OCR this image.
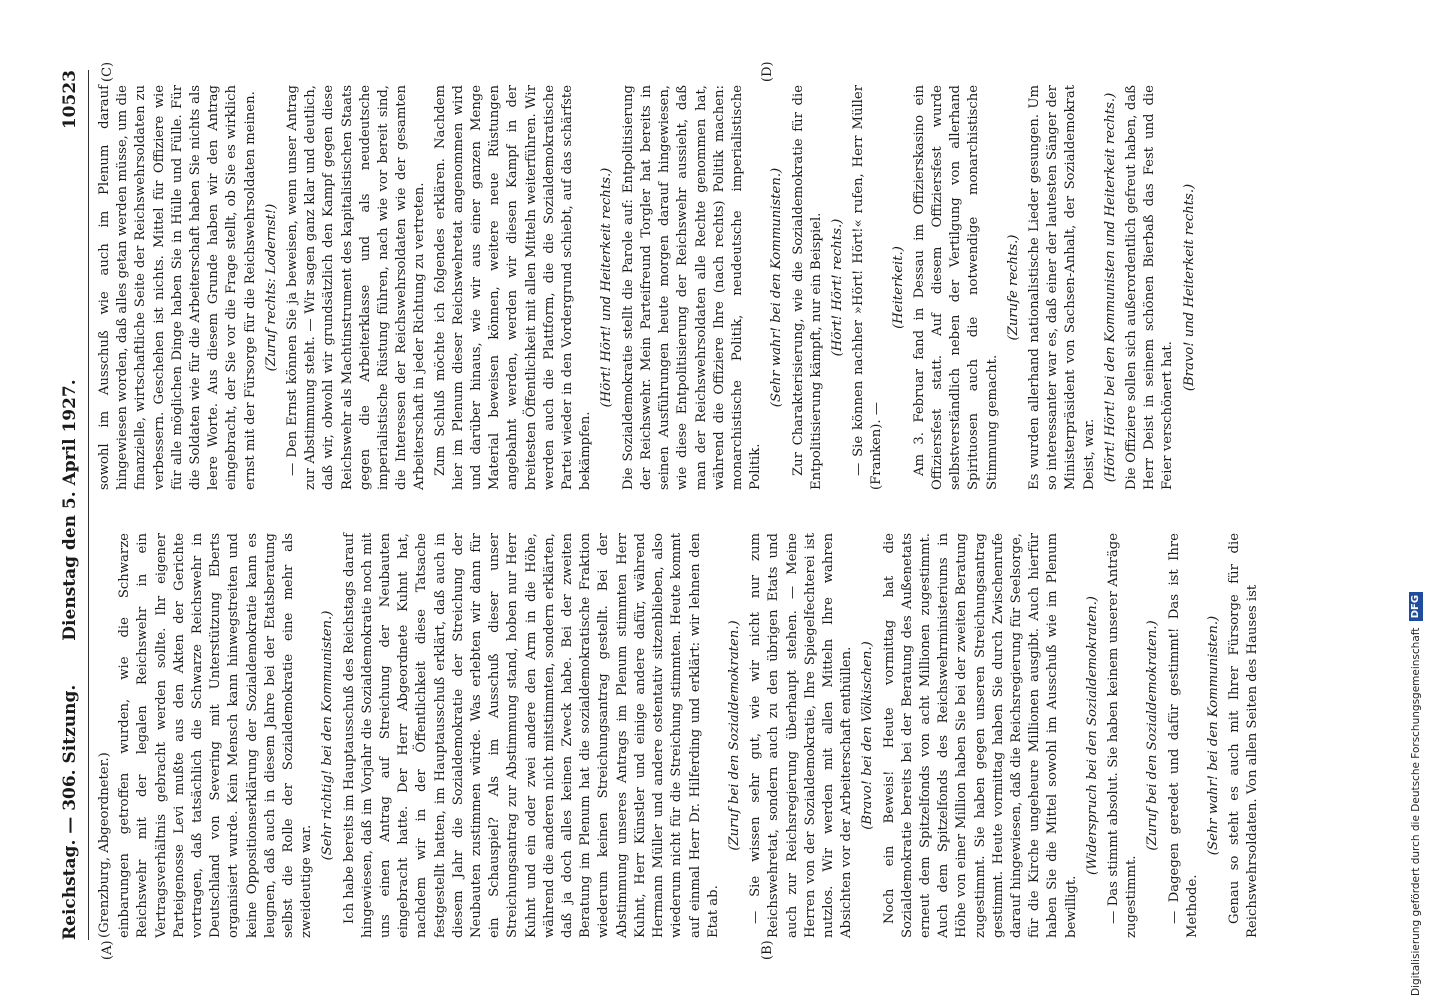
Reichstag. — 306. Sitzung.
Dienstag den 5. April 1927.
10523
(A)	(B)
(C)	(D)

(Grenzburg, Abgeordneter.) einbarungen getroffen wurden, wie die Schwarze Reichswehr mit der legalen Reichswehr in ein Vertragsverhältnis gebracht werden sollte. Ihr eigener Parteigenosse Levi mußte aus den Akten der Gerichte vortragen, daß tatsächlich die Schwarze Reichswehr in Deutschland von Severing mit Unterstützung Eberts organisiert wurde. Kein Mensch kann hinwegstreiten und keine Oppositionserklärung der Sozialdemokratie kann es leugnen, daß auch in diesem Jahre bei der Etatsberatung selbst die Rolle der Sozialdemokratie eine mehr als zweideutige war.

(Sehr richtig! bei den Kommunisten.) Ich habe bereits im Hauptausschuß des Reichstags darauf hingewiesen, daß im Vorjahr die Sozialdemokratie noch mit uns einen Antrag auf Streichung der Neubauten eingebracht hatte. Der Herr Abgeordnete Kuhnt hat, nachdem wir in der Öffentlichkeit diese Tatsache festgestellt hatten, im Hauptausschuß erklärt, daß auch in diesem Jahr die Sozialdemokratie der Streichung der Neubauten zustimmen würde. Was erlebten wir dann für ein Schauspiel? Als im Ausschuß dieser unser Streichungsantrag zur Abstimmung stand, hoben nur Herr Kuhnt und ein oder zwei andere den Arm in die Höhe, während die anderen nicht mitstimmten, sondern erklärten, daß ja doch alles keinen Zweck habe. Bei der zweiten Beratung im Plenum hat die sozialdemokratische Fraktion wiederum keinen Streichungsantrag gestellt. Bei der Abstimmung unseres Antrags im Plenum stimmten Herr Kuhnt, Herr Künstler und einige andere dafür, während Hermann Müller und andere ostentativ sitzenblieben, also wiederum nicht für die Streichung stimmten. Heute kommt auf einmal Herr Dr. Hilferding und erklärt: wir lehnen den Etat ab.

(Zuruf bei den Sozialdemokraten.) — Sie wissen sehr gut, wie wir nicht nur zum Reichswehretat, sondern auch zu den übrigen Etats und auch zur Reichsregierung überhaupt stehen. — Meine Herren von der Sozialdemokratie, Ihre Spiegelfechterei ist nutzlos. Wir werden mit allen Mitteln Ihre wahren Absichten vor der Arbeiterschaft enthüllen. (Bravo! bei den Völkischen.) Noch ein Beweis! Heute vormittag hat die Sozialdemokratie bereits bei der Beratung des Außenetats erneut dem Spitzelfonds von acht Millionen zugestimmt. Auch dem Spitzelfonds des Reichswehrministeriums in Höhe von einer Million haben Sie bei der zweiten Beratung zugestimmt. Sie haben gegen unseren Streichungsantrag gestimmt. Heute vormittag haben Sie durch Zwischenrufe darauf hingewiesen, daß die Reichsregierung für Seelsorge, für die Kirche ungeheure Millionen ausgibt. Auch hierfür haben Sie die Mittel sowohl im Ausschuß wie im Plenum bewilligt.

(Widerspruch bei den Sozialdemokraten.) — Das stimmt absolut. Sie haben keinem unserer Anträge zugestimmt.

(Zuruf bei den Sozialdemokraten.) — Dagegen geredet und dafür gestimmt! Das ist Ihre Methode.

(Sehr wahr! bei den Kommunisten.) Genau so steht es auch mit Ihrer Fürsorge für die Reichswehrsoldaten. Von allen Seiten des Hauses ist

sowohl im Ausschuß wie auch im Plenum darauf hingewiesen worden, daß alles getan werden müsse, um die finanzielle, wirtschaftliche Seite der Reichswehrsoldaten zu verbessern. Geschehen ist nichts. Mittel für Offiziere wie für alle möglichen Dinge haben Sie in Hülle und Fülle. Für die Soldaten wie für die Arbeiterschaft haben Sie nichts als leere Worte. Aus diesem Grunde haben wir den Antrag eingebracht, der Sie vor die Frage stellt, ob Sie es wirklich ernst mit der Fürsorge für die Reichswehrsoldaten meinen. (Zuruf rechts: Lodernst!) — Den Ernst können Sie ja beweisen, wenn unser Antrag zur Abstimmung steht. — Wir sagen ganz klar und deutlich, daß wir, obwohl wir grundsätzlich den Kampf gegen diese Reichswehr als Machtinstrument des kapitalistischen Staats gegen die Arbeiterklasse und als neudeutsche imperialistische Rüstung führen, nach wie vor bereit sind, die Interessen der Reichswehrsoldaten wie der gesamten Arbeiterschaft in jeder Richtung zu vertreten. Zum Schluß möchte ich folgendes erklären. Nachdem hier im Plenum dieser Reichswehretat angenommen wird und darüber hinaus, wie wir aus einer ganzen Menge Material beweisen können, weitere neue Rüstungen angebahnt werden, werden wir diesen Kampf in der breitesten Öffentlichkeit mit allen Mitteln weiterführen. Wir werden auch die Plattform, die die Sozialdemokratische Partei wieder in den Vordergrund schiebt, auf das schärfste bekämpfen.

(Hört! Hört! und Heiterkeit rechts.) Die Sozialdemokratie stellt die Parole auf: Entpolitisierung der Reichswehr. Mein Parteifreund Torgler hat bereits in seinen Ausführungen heute morgen darauf hingewiesen, wie diese Entpolitisierung der Reichswehr aussieht, daß man der Reichswehrsoldaten alle Rechte genommen hat, während die Offiziere Ihre (nach rechts) Politik machen: monarchistische Politik, neudeutsche imperialistische Politik.

(Sehr wahr! bei den Kommunisten.) Zur Charakterisierung, wie die Sozialdemokratie für die Entpolitisierung kämpft, nur ein Beispiel. (Hört! Hört! rechts.) — Sie können nachher »Hört! Hört!« rufen, Herr Müller (Franken). —

(Heiterkeit.) Am 3. Februar fand in Dessau im Offizierskasino ein Offiziersfest statt. Auf diesem Offiziersfest wurde selbstverständlich neben der Vertilgung von allerhand Spirituosen auch die notwendige monarchistische Stimmung gemacht.

(Zurufe rechts.) Es wurden allerhand nationalistische Lieder gesungen. Um so interessanter war es, daß einer der lautesten Sänger der Ministerpräsident von Sachsen-Anhalt, der Sozialdemokrat Deist, war. (Hört! Hört! bei den Kommunisten und Heiterkeit rechts.) Die Offiziere sollen sich außerordentlich gefreut haben, daß Herr Deist in seinem schönen Bierbaß das Fest und die Feier verschönert hat.

(Bravo! und Heiterkeit rechts.)

Digitalisierung gefördert durch die Deutsche Forschungsgemeinschaft DFG
